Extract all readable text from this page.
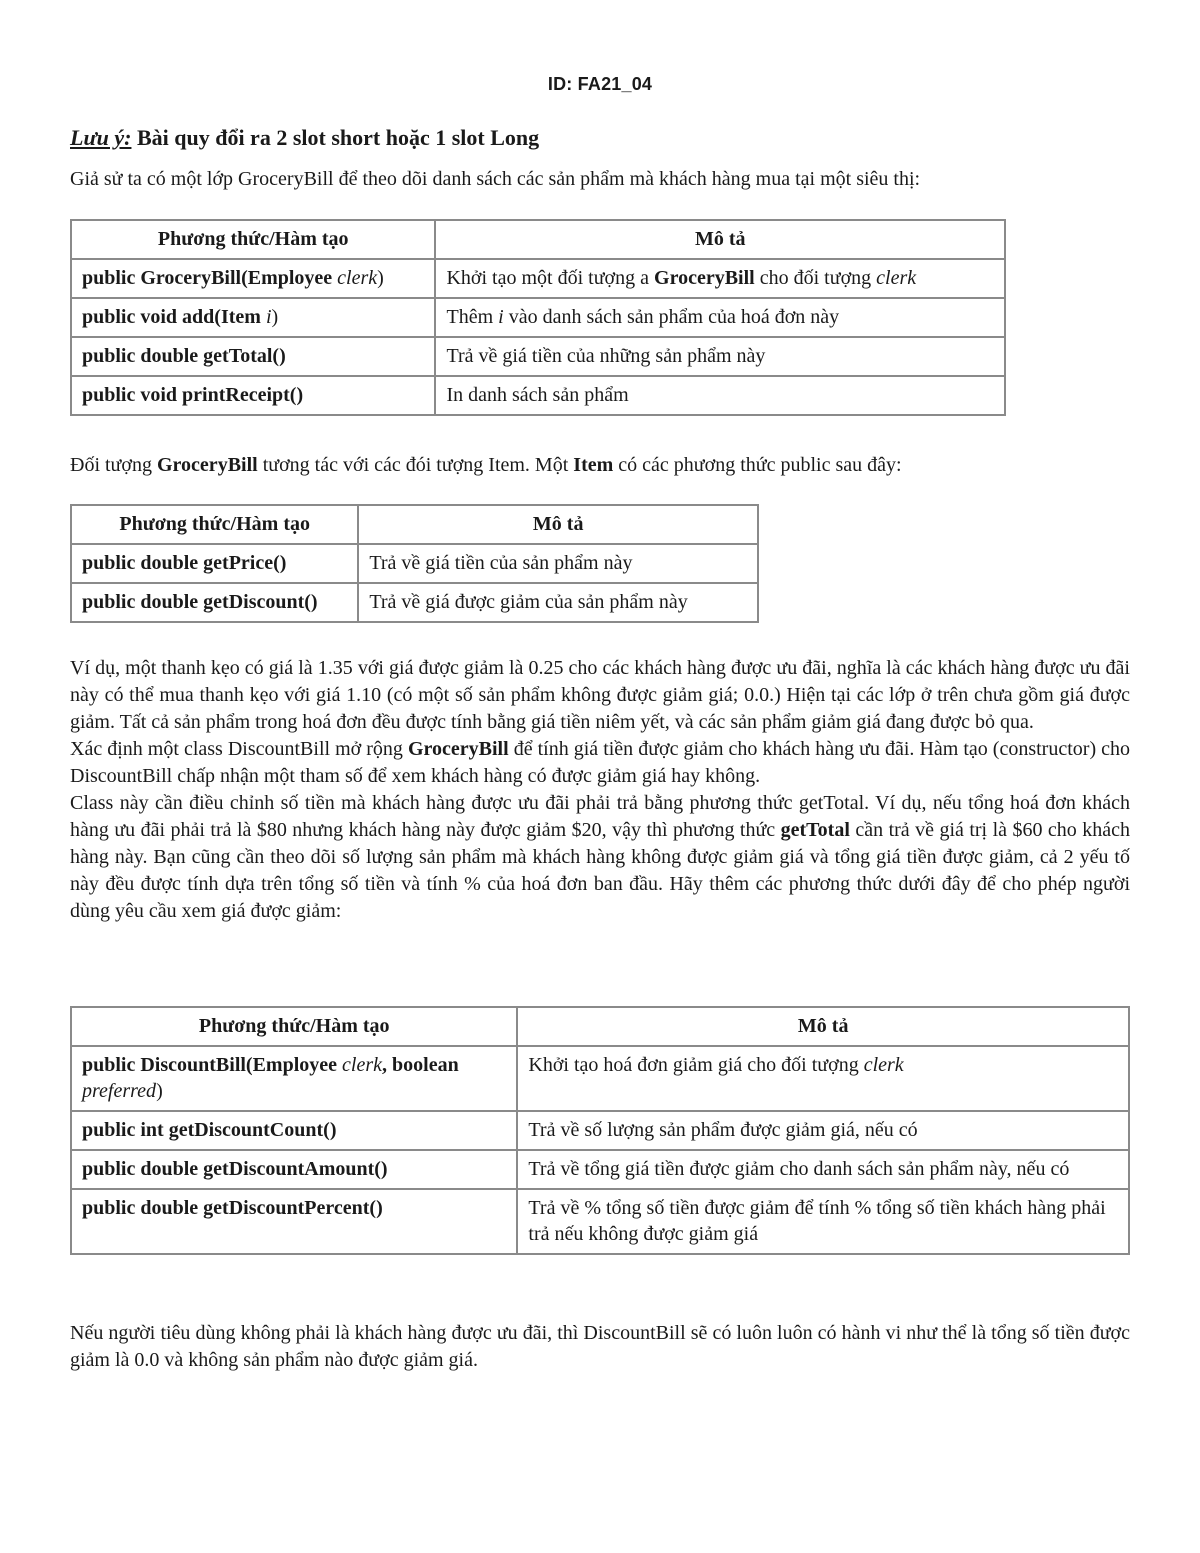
ID: FA21_04
Lưu ý: Bài quy đổi ra 2 slot short hoặc 1 slot Long
Giả sử ta có một lớp GroceryBill để theo dõi danh sách các sản phẩm mà khách hàng mua tại một siêu thị:
Phương thức/Hàm tạo	Mô tả
public GroceryBill(Employee clerk)	Khởi tạo một đối tượng a GroceryBill cho đối tượng clerk
public void add(Item i)	Thêm i vào danh sách sản phẩm của hoá đơn này
public double getTotal()	Trả về giá tiền của những sản phẩm này
public void printReceipt()	In danh sách sản phẩm
Đối tượng GroceryBill tương tác với các đói tượng Item. Một Item có các phương thức public sau đây:
Phương thức/Hàm tạo	Mô tả
public double getPrice()	Trả về giá tiền của sản phẩm này
public double getDiscount()	Trả về giá được giảm của sản phẩm này
Ví dụ, một thanh kẹo có giá là 1.35 với giá được giảm là 0.25 cho các khách hàng được ưu đãi, nghĩa là các khách hàng được ưu đãi này có thể mua thanh kẹo với giá 1.10 (có một số sản phẩm không được giảm giá; 0.0.) Hiện tại các lớp ở trên chưa gồm giá được giảm. Tất cả sản phẩm trong hoá đơn đều được tính bằng giá tiền niêm yết, và các sản phẩm giảm giá đang được bỏ qua.
Xác định một class DiscountBill mở rộng GroceryBill để tính giá tiền được giảm cho khách hàng ưu đãi. Hàm tạo (constructor) cho DiscountBill chấp nhận một tham số để xem khách hàng có được giảm giá hay không.
Class này cần điều chỉnh số tiền mà khách hàng được ưu đãi phải trả bằng phương thức getTotal. Ví dụ, nếu tổng hoá đơn khách hàng ưu đãi phải trả là $80 nhưng khách hàng này được giảm $20, vậy thì phương thức getTotal cần trả về giá trị là $60 cho khách hàng này. Bạn cũng cần theo dõi số lượng sản phẩm mà khách hàng không được giảm giá và tổng giá tiền được giảm, cả 2 yếu tố này đều được tính dựa trên tổng số tiền và tính % của hoá đơn ban đầu. Hãy thêm các phương thức dưới đây để cho phép người dùng yêu cầu xem giá được giảm:
Phương thức/Hàm tạo	Mô tả
public DiscountBill(Employee clerk, boolean preferred)	Khởi tạo hoá đơn giảm giá cho đối tượng clerk
public int getDiscountCount()	Trả về số lượng sản phẩm được giảm giá, nếu có
public double getDiscountAmount()	Trả về tổng giá tiền được giảm cho danh sách sản phẩm này, nếu có
public double getDiscountPercent()	Trả về % tổng số tiền được giảm để tính % tổng số tiền khách hàng phải trả nếu không được giảm giá
Nếu người tiêu dùng không phải là khách hàng được ưu đãi, thì DiscountBill sẽ có luôn luôn có hành vi như thể là tổng số tiền được giảm là 0.0 và không sản phẩm nào được giảm giá.
